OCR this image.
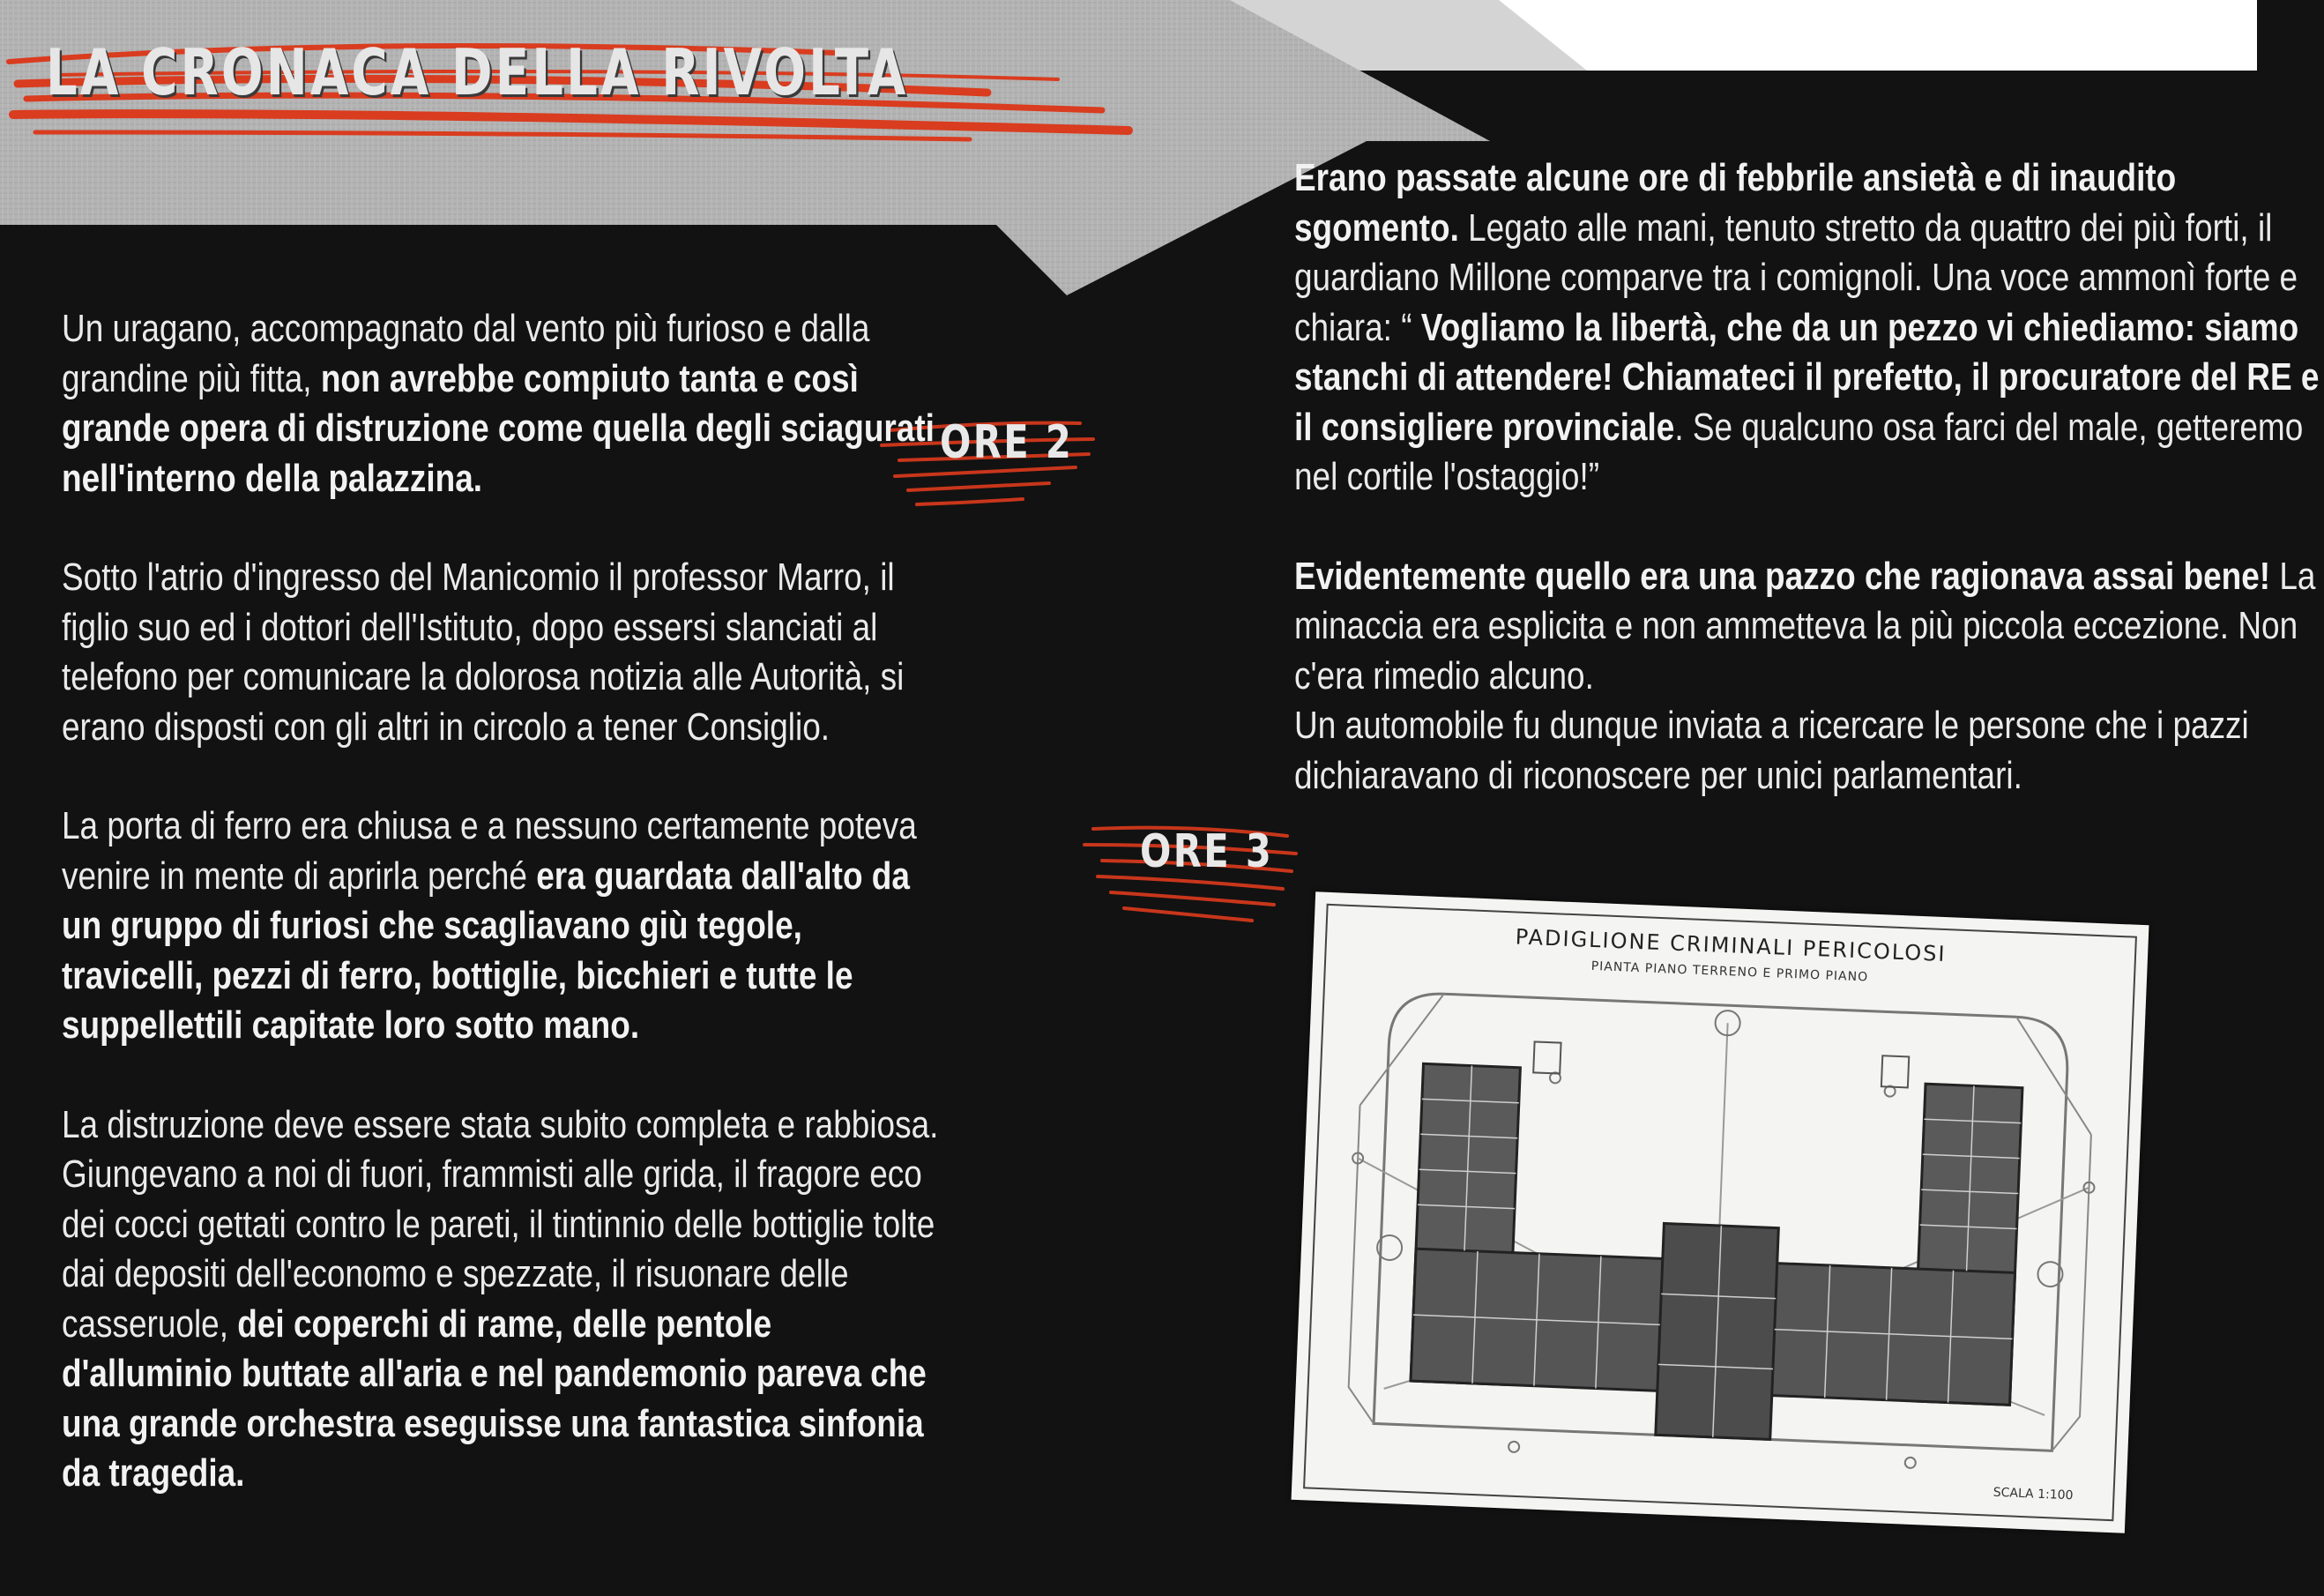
LA CRONACA DELLA RIVOLTA
ORE 2
ORE 3

Un uragano, accompagnato dal vento più furioso e dalla grandine più fitta, non avrebbe compiuto tanta e così grande opera di distruzione come quella degli sciagurati nell'interno della palazzina.

Sotto l'atrio d'ingresso del Manicomio il professor Marro, il figlio suo ed i dottori dell'Istituto, dopo essersi slanciati al telefono per comunicare la dolorosa notizia alle Autorità, si erano disposti con gli altri in circolo a tener Consiglio.

La porta di ferro era chiusa e a nessuno certamente poteva venire in mente di aprirla perché era guardata dall'alto da un gruppo di furiosi che scagliavano giù tegole, travicelli, pezzi di ferro, bottiglie, bicchieri e tutte le suppellettili capitate loro sotto mano.

La distruzione deve essere stata subito completa e rabbiosa. Giungevano a noi di fuori, frammisti alle grida, il fragore eco dei cocci gettati contro le pareti, il tintinnio delle bottiglie tolte dai depositi dell'economo e spezzate, il risuonare delle casseruole, dei coperchi di rame, delle pentole d'alluminio buttate all'aria e nel pandemonio pareva che una grande orchestra eseguisse una fantastica sinfonia da tragedia.

Erano passate alcune ore di febbrile ansietà e di inaudito sgomento. Legato alle mani, tenuto stretto da quattro dei più forti, il guardiano Millone comparve tra i comignoli. Una voce ammonì forte e chiara: “ Vogliamo la libertà, che da un pezzo vi chiediamo: siamo stanchi di attendere! Chiamateci il prefetto, il procuratore del RE e il consigliere provinciale. Se qualcuno osa farci del male, getteremo nel cortile l'ostaggio!”

Evidentemente quello era una pazzo che ragionava assai bene! La minaccia era esplicita e non ammetteva la più piccola eccezione. Non c'era rimedio alcuno.

Un automobile fu dunque inviata a ricercare le persone che i pazzi dichiaravano di riconoscere per unici parlamentari.

PADIGLIONE CRIMINALI PERICOLOSI
PIANTA PIANO TERRENO E PRIMO PIANO
SCALA 1:100
